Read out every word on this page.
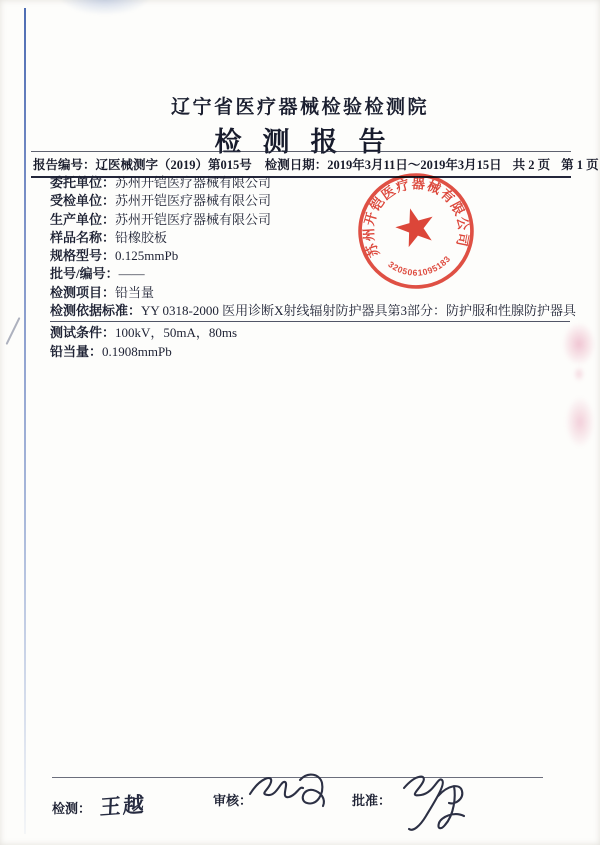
辽宁省医疗器械检验检测院
检测报告
报告编号： 辽医械测字（2019）第015号 检测日期： 2019年3月11日～2019年3月15日 共 2 页 第 1 页
委托单位：苏州开铠医疗器械有限公司
受检单位：苏州开铠医疗器械有限公司
生产单位：苏州开铠医疗器械有限公司
样品名称：铅橡胶板
规格型号：0.125mmPb
批号/编号：——
检测项目：铅当量
检测依据标准：YY 0318-2000 医用诊断X射线辐射防护器具第3部分：防护服和性腺防护器具
测试条件：100kV，50mA，80ms
铅当量：0.1908mmPb
苏州开铠医疗器械有限公司
3205061095183
检测： 王越	审核：	批准：
